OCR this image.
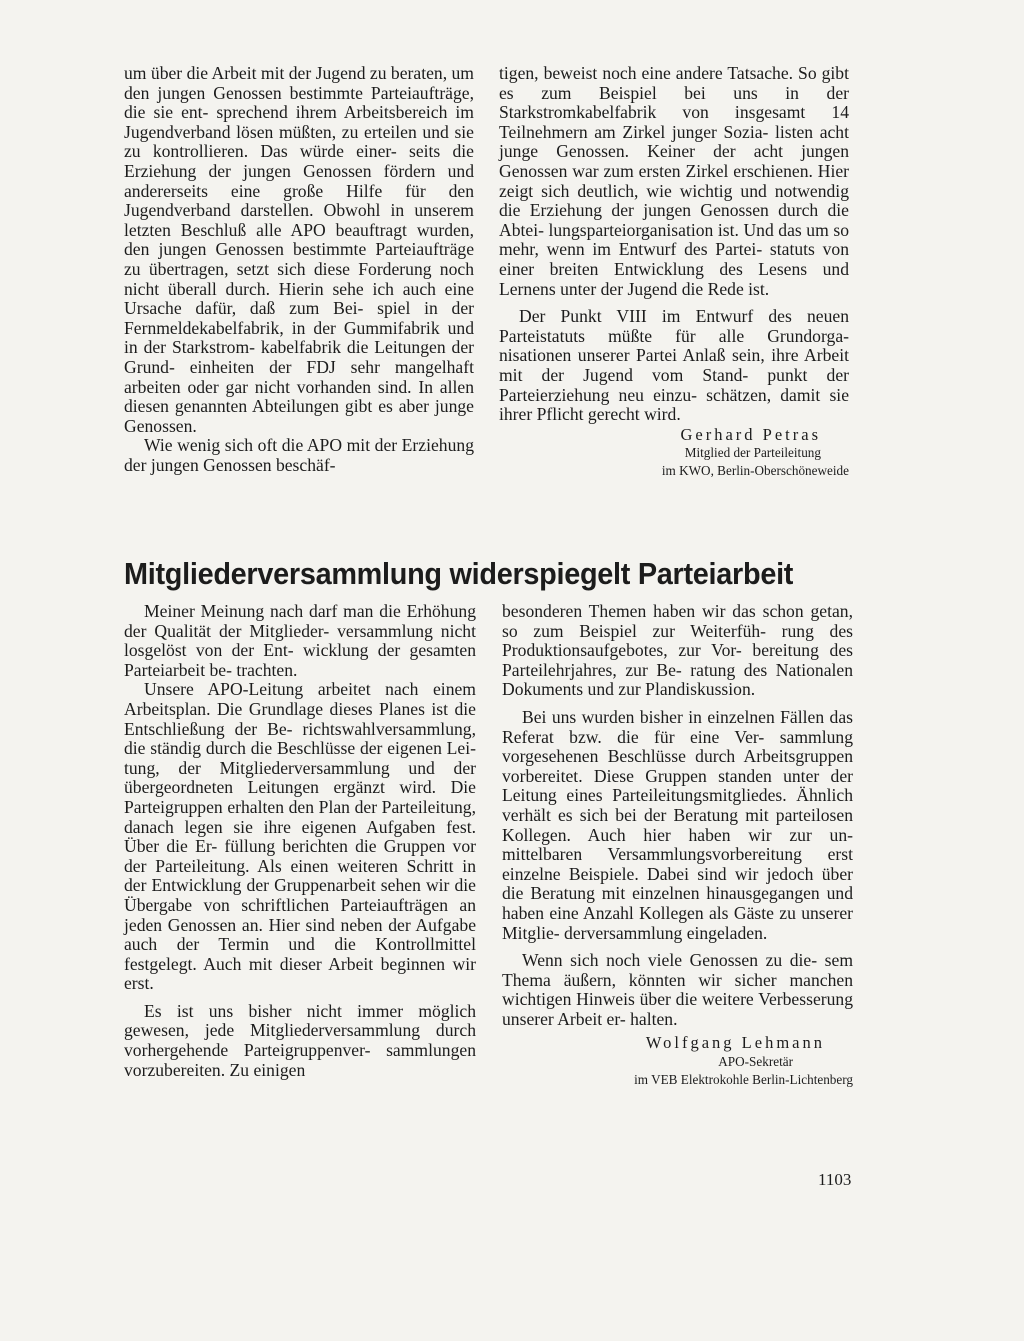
um über die Arbeit mit der Jugend zu beraten, um den jungen Genossen bestimmte Parteiaufträge, die sie ent- sprechend ihrem Arbeitsbereich im Jugendverband lösen müßten, zu erteilen und sie zu kontrollieren. Das würde einer- seits die Erziehung der jungen Genossen fördern und andererseits eine große Hilfe für den Jugendverband darstellen. Obwohl in unserem letzten Beschluß alle APO beauftragt wurden, den jungen Genossen bestimmte Parteiaufträge zu übertragen, setzt sich diese Forderung noch nicht überall durch. Hierin sehe ich auch eine Ursache dafür, daß zum Bei- spiel in der Fernmeldekabelfabrik, in der Gummifabrik und in der Starkstrom- kabelfabrik die Leitungen der Grund- einheiten der FDJ sehr mangelhaft arbeiten oder gar nicht vorhanden sind. In allen diesen genannten Abteilungen gibt es aber junge Genossen.

Wie wenig sich oft die APO mit der Erziehung der jungen Genossen beschäf-

tigen, beweist noch eine andere Tatsache. So gibt es zum Beispiel bei uns in der Starkstromkabelfabrik von insgesamt 14 Teilnehmern am Zirkel junger Sozia- listen acht junge Genossen. Keiner der acht jungen Genossen war zum ersten Zirkel erschienen. Hier zeigt sich deutlich, wie wichtig und notwendig die Erziehung der jungen Genossen durch die Abtei- lungsparteiorganisation ist. Und das um so mehr, wenn im Entwurf des Partei- statuts von einer breiten Entwicklung des Lesens und Lernens unter der Jugend die Rede ist.

Der Punkt VIII im Entwurf des neuen Parteistatuts müßte für alle Grundorga- nisationen unserer Partei Anlaß sein, ihre Arbeit mit der Jugend vom Stand- punkt der Parteierziehung neu einzu- schätzen, damit sie ihrer Pflicht gerecht wird.

Gerhard Petras

Mitglied der Parteileitung

im KWO, Berlin-Oberschöneweide

Mitgliederversammlung widerspiegelt Parteiarbeit

Meiner Meinung nach darf man die Erhöhung der Qualität der Mitglieder- versammlung nicht losgelöst von der Ent- wicklung der gesamten Parteiarbeit be- trachten.

Unsere APO-Leitung arbeitet nach einem Arbeitsplan. Die Grundlage dieses Planes ist die Entschließung der Be- richtswahlversammlung, die ständig durch die Beschlüsse der eigenen Lei- tung, der Mitgliederversammlung und der übergeordneten Leitungen ergänzt wird. Die Parteigruppen erhalten den Plan der Parteileitung, danach legen sie ihre eigenen Aufgaben fest. Über die Er- füllung berichten die Gruppen vor der Parteileitung. Als einen weiteren Schritt in der Entwicklung der Gruppenarbeit sehen wir die Übergabe von schriftlichen Parteiaufträgen an jeden Genossen an. Hier sind neben der Aufgabe auch der Termin und die Kontrollmittel festgelegt. Auch mit dieser Arbeit beginnen wir erst.

Es ist uns bisher nicht immer möglich gewesen, jede Mitgliederversammlung durch vorhergehende Parteigruppenver- sammlungen vorzubereiten. Zu einigen

besonderen Themen haben wir das schon getan, so zum Beispiel zur Weiterfüh- rung des Produktionsaufgebotes, zur Vor- bereitung des Parteilehrjahres, zur Be- ratung des Nationalen Dokuments und zur Plandiskussion.

Bei uns wurden bisher in einzelnen Fällen das Referat bzw. die für eine Ver- sammlung vorgesehenen Beschlüsse durch Arbeitsgruppen vorbereitet. Diese Gruppen standen unter der Leitung eines Parteileitungsmitgliedes. Ähnlich verhält es sich bei der Beratung mit parteilosen Kollegen. Auch hier haben wir zur un- mittelbaren Versammlungsvorbereitung erst einzelne Beispiele. Dabei sind wir jedoch über die Beratung mit einzelnen hinausgegangen und haben eine Anzahl Kollegen als Gäste zu unserer Mitglie- derversammlung eingeladen.

Wenn sich noch viele Genossen zu die- sem Thema äußern, könnten wir sicher manchen wichtigen Hinweis über die weitere Verbesserung unserer Arbeit er- halten.

Wolfgang Lehmann

APO-Sekretär

im VEB Elektrokohle Berlin-Lichtenberg

1103
